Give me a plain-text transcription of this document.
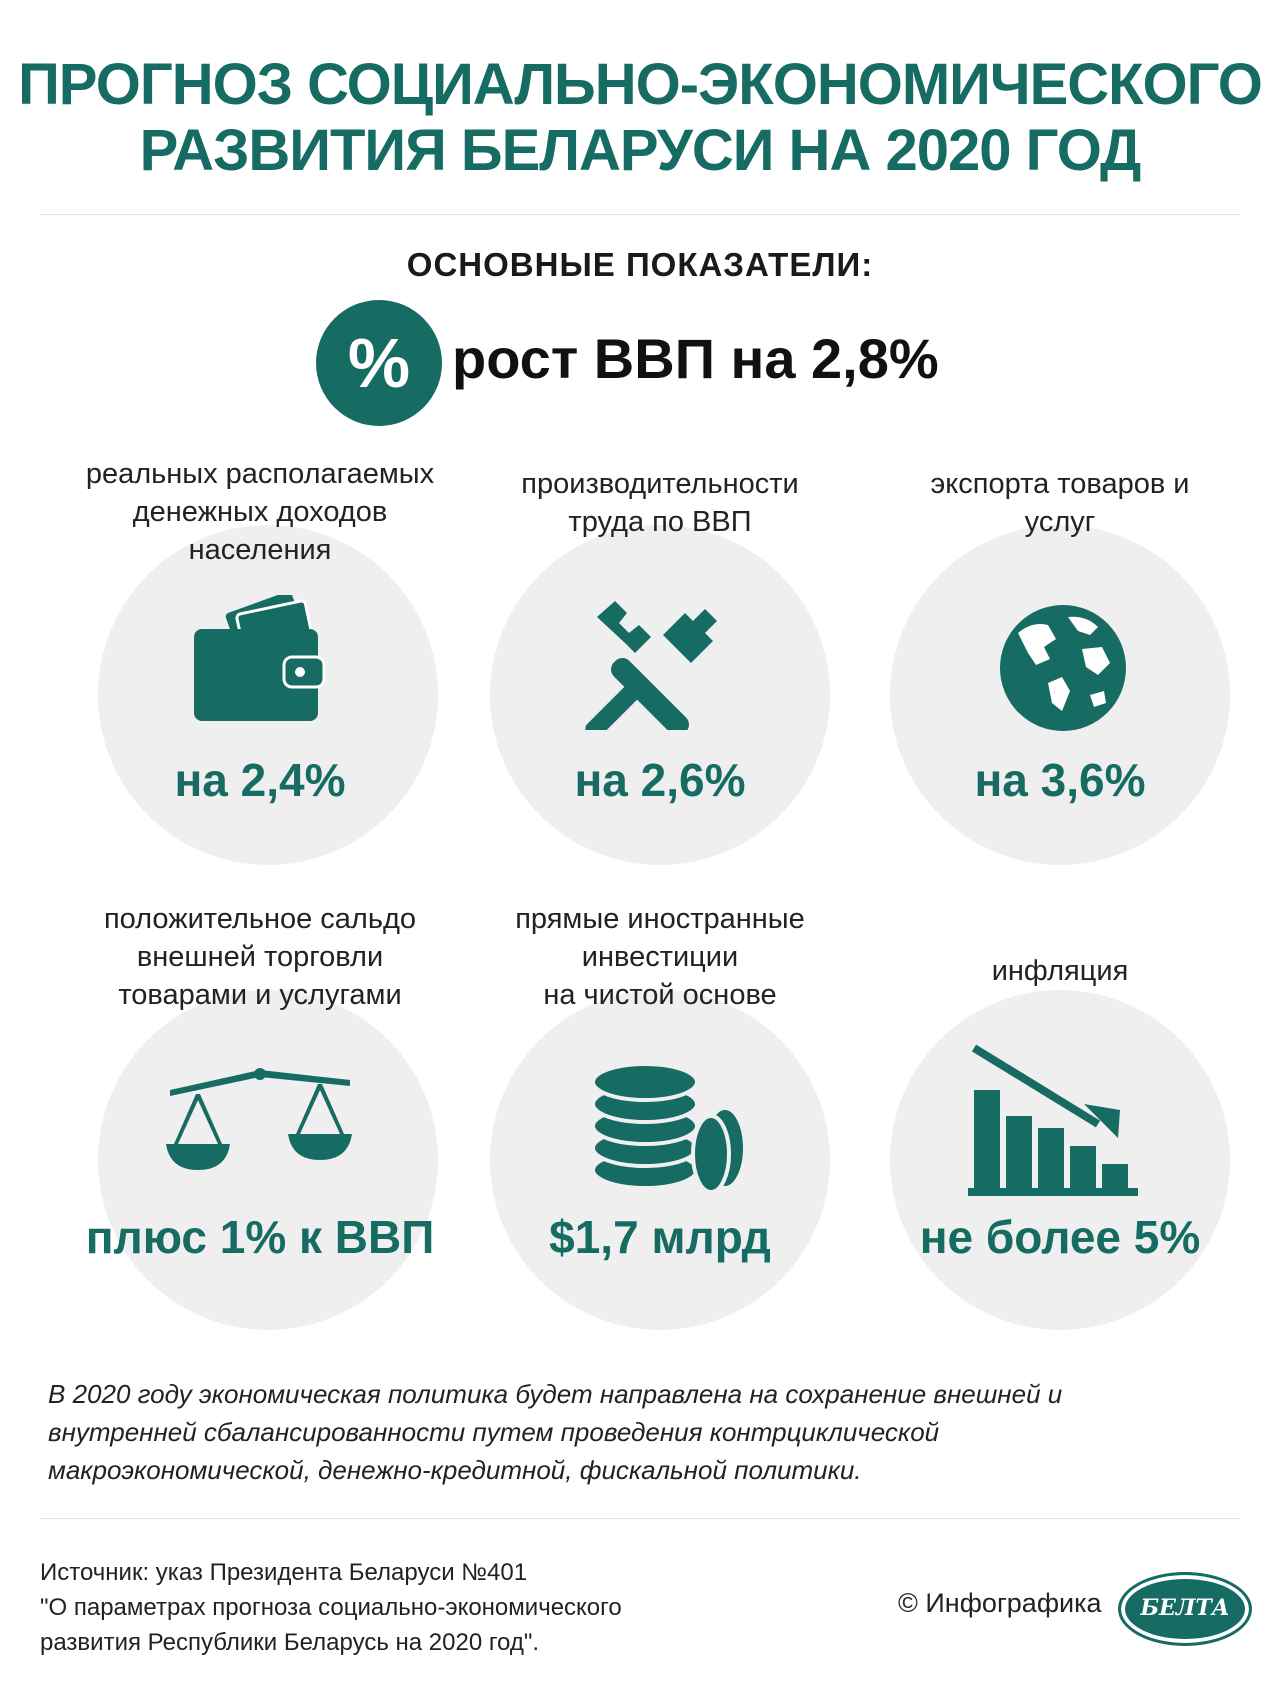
ПРОГНОЗ СОЦИАЛЬНО-ЭКОНОМИЧЕСКОГО
РАЗВИТИЯ БЕЛАРУСИ НА 2020 ГОД
ОСНОВНЫЕ ПОКАЗАТЕЛИ:
% рост ВВП на 2,8%
реальных располагаемых
денежных доходов
населения
на 2,4%
производительности
труда по ВВП
на 2,6%
экспорта товаров и
услуг
на 3,6%
положительное сальдо
внешней торговли
товарами и услугами
плюс 1% к ВВП
прямые иностранные
инвестиции
на чистой основе
$1,7 млрд
инфляция
не более 5%
В 2020 году экономическая политика будет направлена на сохранение внешней и
внутренней сбалансированности путем проведения контрциклической
макроэкономической, денежно-кредитной, фискальной политики.
Источник: указ Президента Беларуси №401
"О параметрах прогноза социально-экономического
развития Республики Беларусь на 2020 год".
© Инфографика	БЕЛТА
